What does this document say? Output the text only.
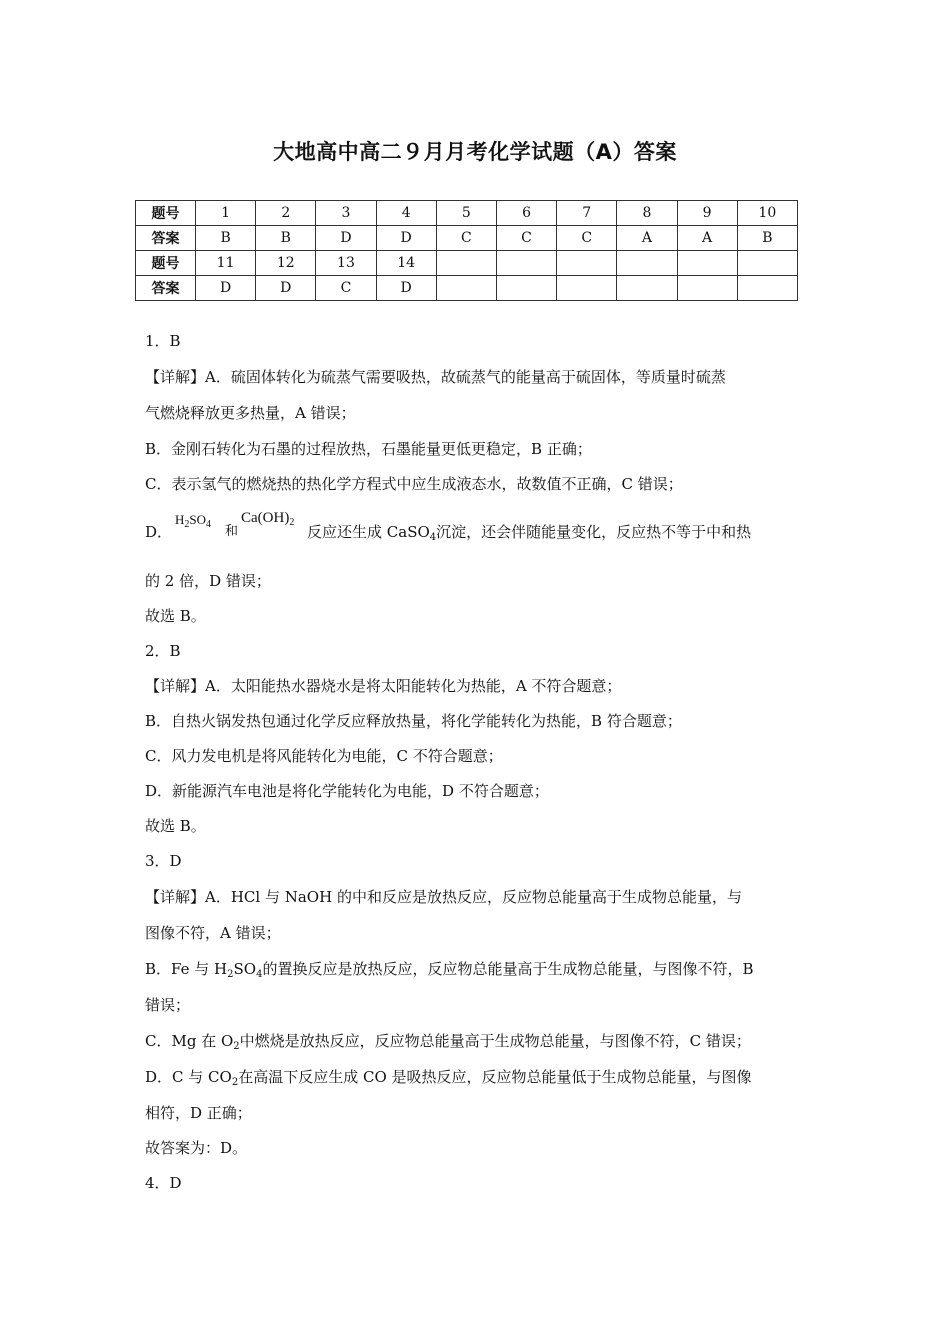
大地高中高二９月月考化学试题（A）答案
题号	1	2	3	4	5	6	7	8	9	10
答案	B	B	D	D	C	C	C	A	A	B
题号	11	12	13	14						
答案	D	D	C	D						
1．B
【详解】A．硫固体转化为硫蒸气需要吸热，故硫蒸气的能量高于硫固体，等质量时硫蒸
气燃烧释放更多热量，A 错误；
B．金刚石转化为石墨的过程放热，石墨能量更低更稳定，B 正确；
C．表示氢气的燃烧热的热化学方程式中应生成液态水，故数值不正确，C 错误；
D．
$H_2SO_4$ 和
$Ca(OH)_2$
反应还生成 CaSO$_4$沉淀，还会伴随能量变化，反应热不等于中和热
的 2 倍，D 错误；
故选 B。
2．B
【详解】A．太阳能热水器烧水是将太阳能转化为热能，A 不符合题意；
B．自热火锅发热包通过化学反应释放热量，将化学能转化为热能，B 符合题意；
C．风力发电机是将风能转化为电能，C 不符合题意；
D．新能源汽车电池是将化学能转化为电能，D 不符合题意；
故选 B。
3．D
【详解】A．HCl 与 NaOH 的中和反应是放热反应，反应物总能量高于生成物总能量，与
图像不符，A 错误；
B．Fe 与 $H_2SO_4$的置换反应是放热反应，反应物总能量高于生成物总能量，与图像不符，B
错误；
C．Mg 在 $O_2$中燃烧是放热反应，反应物总能量高于生成物总能量，与图像不符，C 错误；
D．C 与 $CO_2$在高温下反应生成 CO 是吸热反应，反应物总能量低于生成物总能量，与图像
相符，D 正确；
故答案为：D。
4．D
